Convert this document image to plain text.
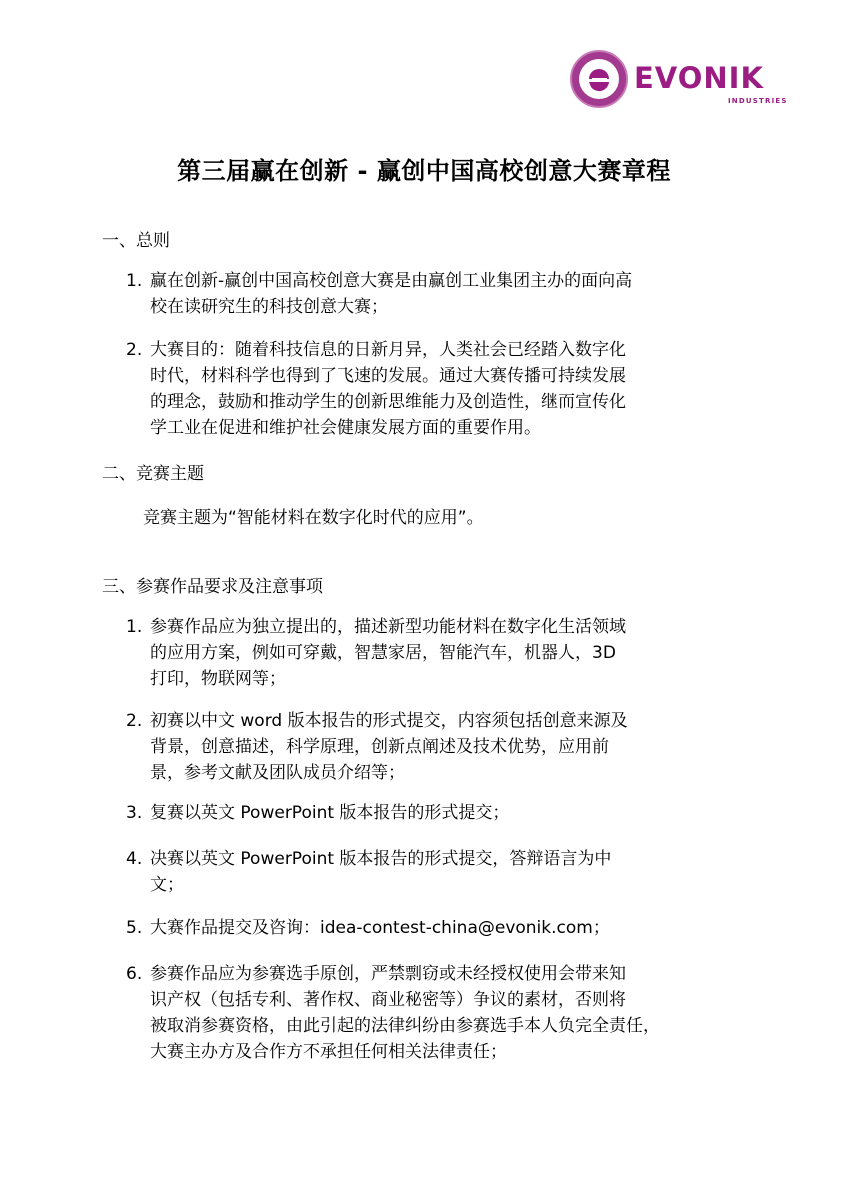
EVONIK
INDUSTRIES
第三届赢在创新 - 赢创中国高校创意大赛章程
一、总则
1. 赢在创新-赢创中国高校创意大赛是由赢创工业集团主办的面向高
校在读研究生的科技创意大赛；
2. 大赛目的：随着科技信息的日新月异，人类社会已经踏入数字化
时代，材料科学也得到了飞速的发展。通过大赛传播可持续发展
的理念，鼓励和推动学生的创新思维能力及创造性，继而宣传化
学工业在促进和维护社会健康发展方面的重要作用。
二、竞赛主题
竞赛主题为“智能材料在数字化时代的应用”。
三、参赛作品要求及注意事项
1. 参赛作品应为独立提出的，描述新型功能材料在数字化生活领域
的应用方案，例如可穿戴，智慧家居，智能汽车，机器人，3D
打印，物联网等；
2. 初赛以中文 word 版本报告的形式提交，内容须包括创意来源及
背景，创意描述，科学原理，创新点阐述及技术优势，应用前
景，参考文献及团队成员介绍等；
3. 复赛以英文 PowerPoint 版本报告的形式提交；
4. 决赛以英文 PowerPoint 版本报告的形式提交，答辩语言为中
文；
5. 大赛作品提交及咨询：idea-contest-china@evonik.com；
6. 参赛作品应为参赛选手原创，严禁剽窃或未经授权使用会带来知
识产权（包括专利、著作权、商业秘密等）争议的素材，否则将
被取消参赛资格，由此引起的法律纠纷由参赛选手本人负完全责任，
大赛主办方及合作方不承担任何相关法律责任；
